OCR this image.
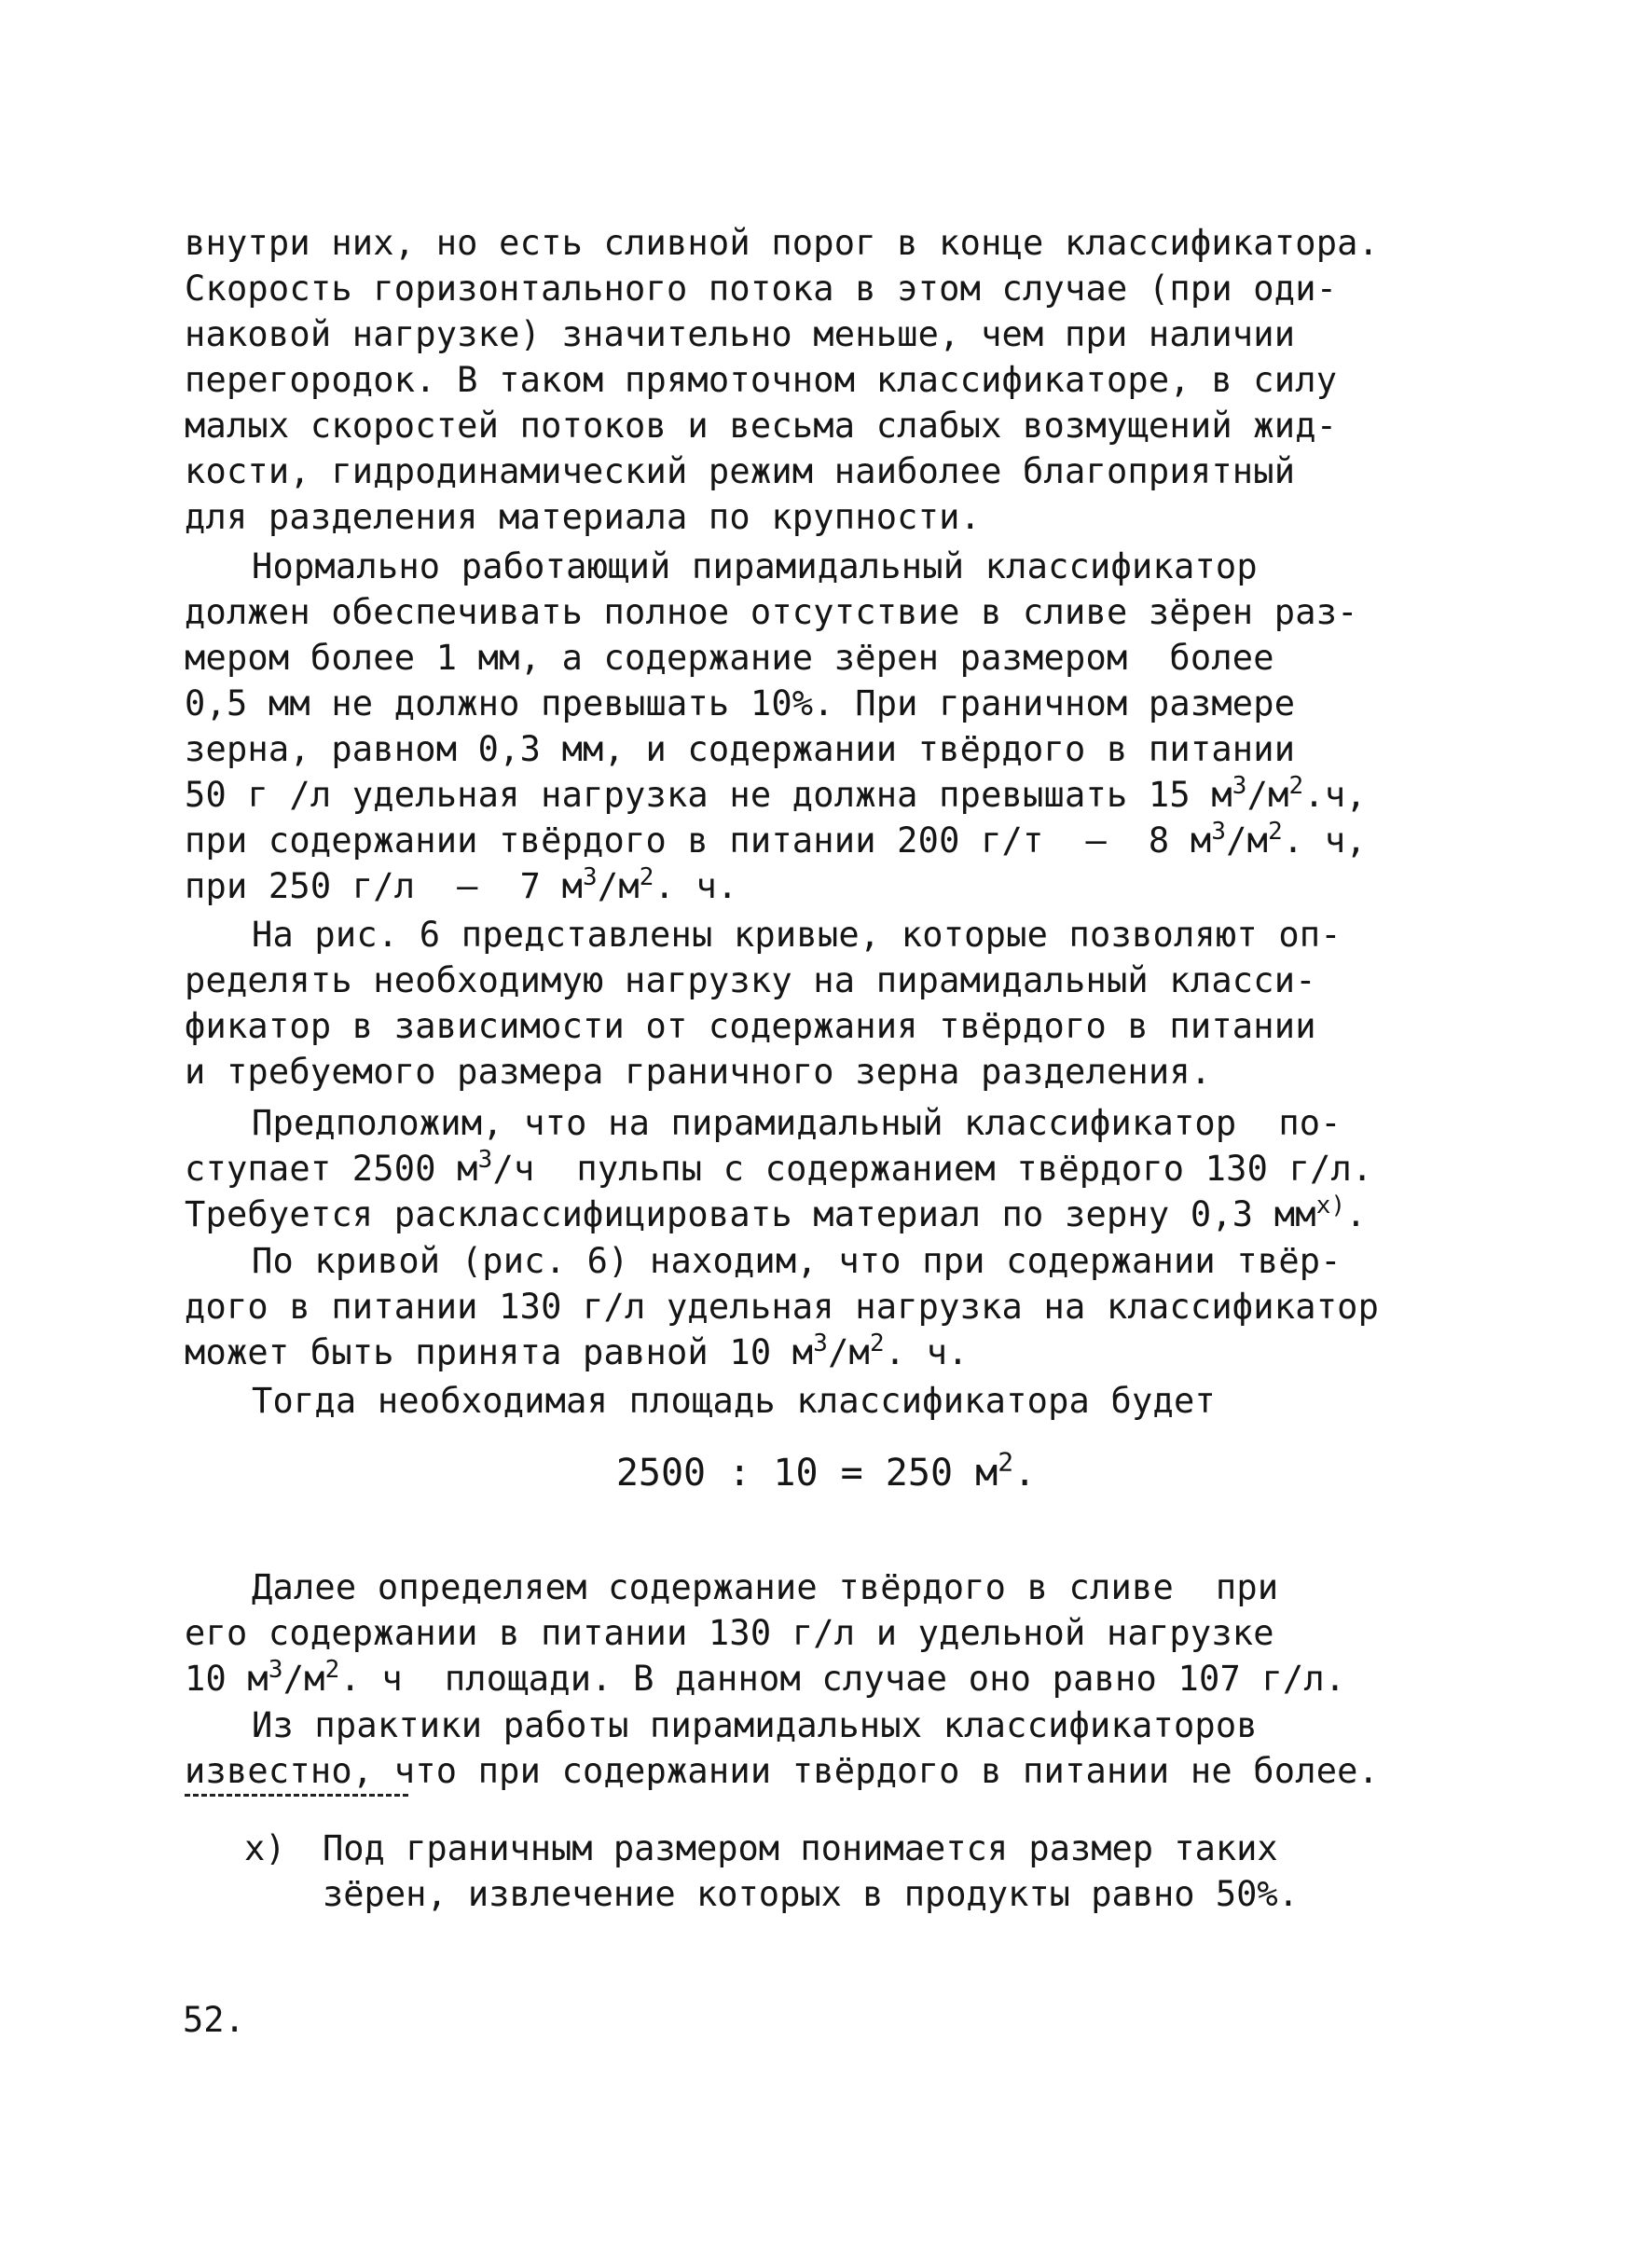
внутри них, но есть сливной порог в конце классификатора.
Скорость горизонтального потока в этом случае (при оди-
наковой нагрузке) значительно меньше, чем при наличии
перегородок. В таком прямоточном классификаторе, в силу
малых скоростей потоков и весьма слабых возмущений жид-
кости, гидродинамический режим наиболее благоприятный
для разделения материала по крупности.
Нормально работающий пирамидальный классификатор
должен обеспечивать полное отсутствие в сливе зёрен раз-
мером более 1 мм, а содержание зёрен размером  более
0,5 мм не должно превышать 10%. При граничном размере
зерна, равном 0,3 мм, и содержании твёрдого в питании
50 г /л удельная нагрузка не должна превышать 15 $м^3/м^2.ч$,
при содержании твёрдого в питании 200 г/т  –  8 $м^3/м^2$. ч,
при 250 г/л  –  7 $м^3/м^2$. ч.
На рис. 6 представлены кривые, которые позволяют оп-
ределять необходимую нагрузку на пирамидальный класси-
фикатор в зависимости от содержания твёрдого в питании
и требуемого размера граничного зерна разделения.
Предположим, что на пирамидальный классификатор  по-
ступает 2500 $м^3/ч$  пульпы с содержанием твёрдого 130 г/л.
Требуется расклассифицировать материал по зерну 0,3 $мм^{х)}$.
По кривой (рис. 6) находим, что при содержании твёр-
дого в питании 130 г/л удельная нагрузка на классификатор
может быть принята равной 10 $м^3/м^2$. ч.
Тогда необходимая площадь классификатора будет
2500 : 10 = 250 $м^2$.
Далее определяем содержание твёрдого в сливе  при
его содержании в питании 130 г/л и удельной нагрузке
10 $м^3/м^2$. ч  площади. В данном случае оно равно 107 г/л.
Из практики работы пирамидальных классификаторов
известно, что при содержании твёрдого в питании не более.
х)	Под граничным размером понимается размер таких
зёрен, извлечение которых в продукты равно 50%.
52.
